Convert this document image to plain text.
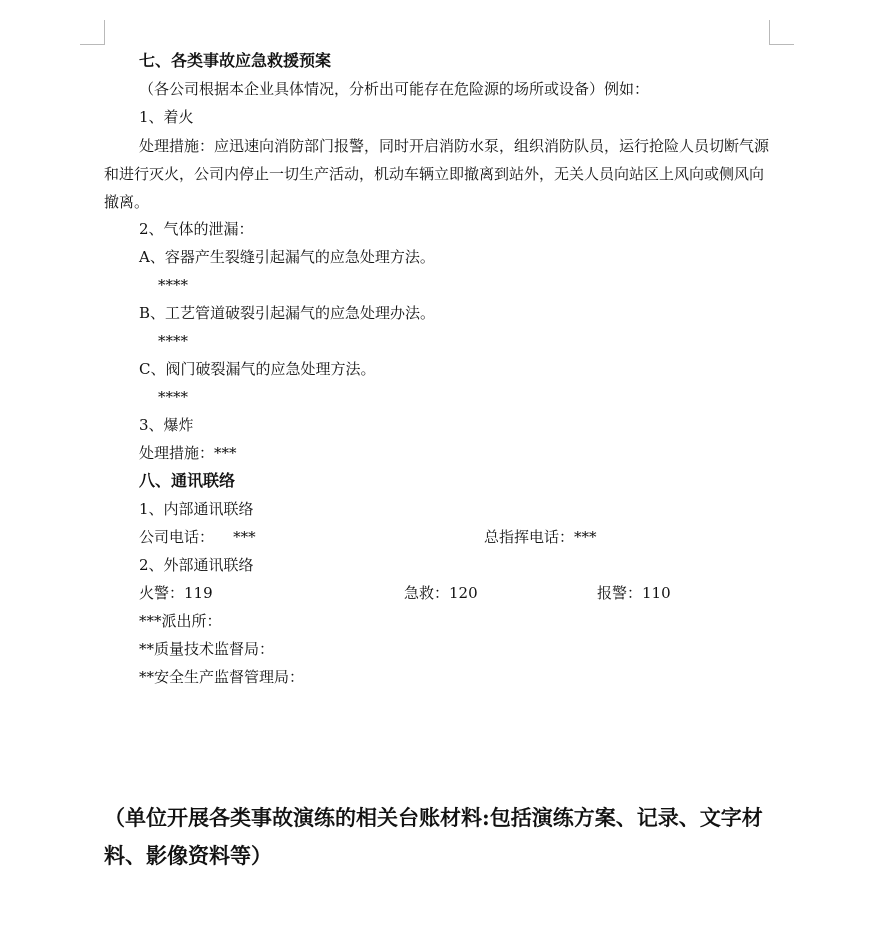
七、各类事故应急救援预案
（各公司根据本企业具体情况，分析出可能存在危险源的场所或设备）例如：
1、着火
处理措施：应迅速向消防部门报警，同时开启消防水泵，组织消防队员，运行抢险人员切断气源和进行灭火，公司内停止一切生产活动，机动车辆立即撤离到站外，无关人员向站区上风向或侧风向撤离。
2、气体的泄漏：
A、容器产生裂缝引起漏气的应急处理方法。
****
B、工艺管道破裂引起漏气的应急处理办法。
****
C、阀门破裂漏气的应急处理方法。
****
3、爆炸
处理措施：***
八、通讯联络
1、内部通讯联络
公司电话：    ***	总指挥电话：***
2、外部通讯联络
火警：119	急救：120	报警：110
***派出所：
**质量技术监督局：
**安全生产监督管理局：
（单位开展各类事故演练的相关台账材料:包括演练方案、记录、文字材料、影像资料等）
